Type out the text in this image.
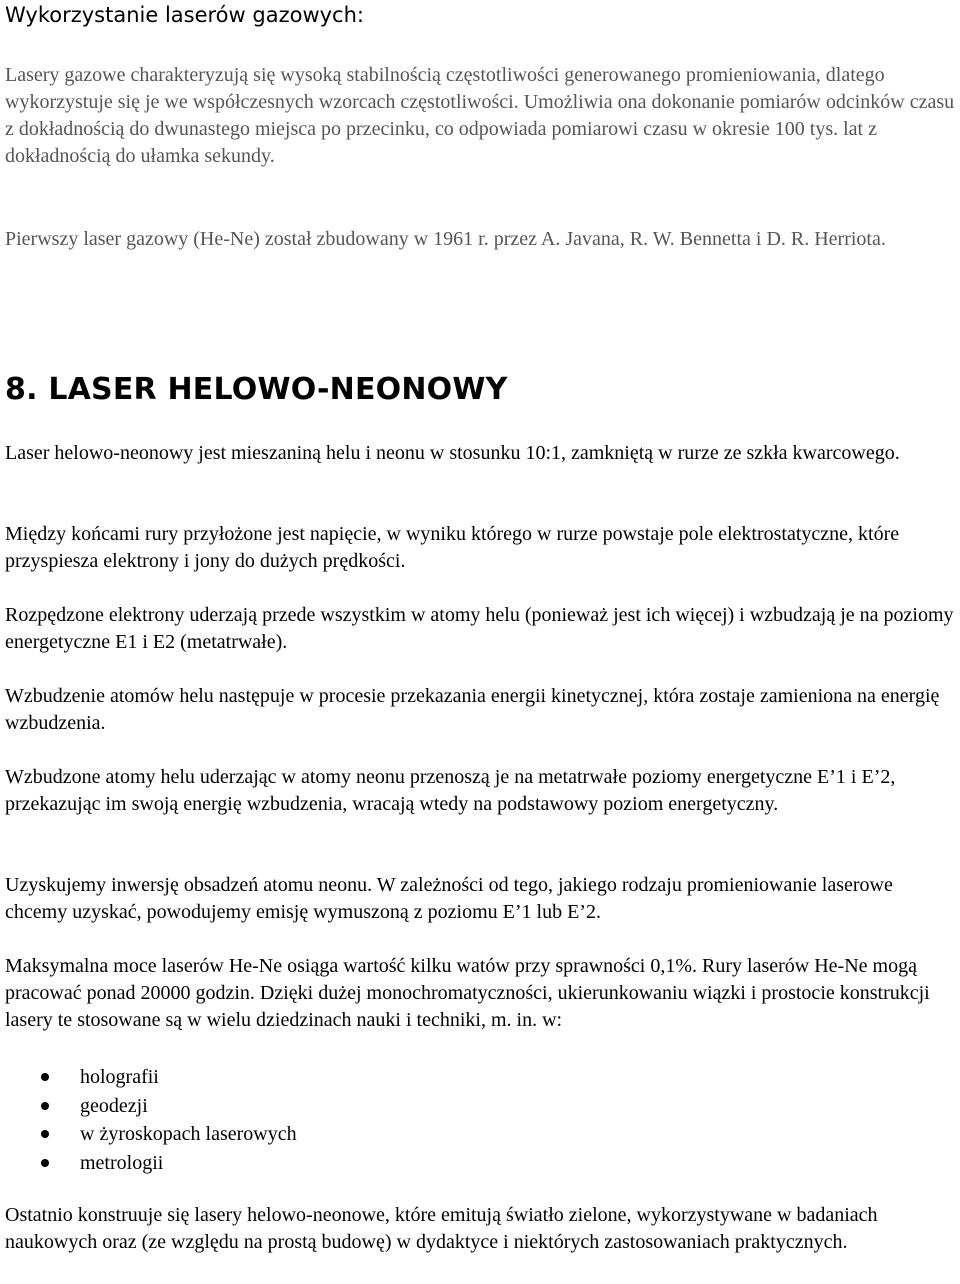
Wykorzystanie laserów gazowych:

Lasery gazowe charakteryzują się wysoką stabilnością częstotliwości generowanego promieniowania, dlatego wykorzystuje się je we współczesnych wzorcach częstotliwości. Umożliwia ona dokonanie pomiarów odcinków czasu z dokładnością do dwunastego miejsca po przecinku, co odpowiada pomiarowi czasu w okresie 100 tys. lat z dokładnością do ułamka sekundy.

Pierwszy laser gazowy (He-Ne) został zbudowany w 1961 r. przez A. Javana, R. W. Bennetta i D. R. Herriota.

8. LASER HELOWO-NEONOWY

Laser helowo-neonowy jest mieszaniną helu i neonu w stosunku 10:1, zamkniętą w rurze ze szkła kwarcowego.

Między końcami rury przyłożone jest napięcie, w wyniku którego w rurze powstaje pole elektrostatyczne, które przyspiesza elektrony i jony do dużych prędkości.

Rozpędzone elektrony uderzają przede wszystkim w atomy helu (ponieważ jest ich więcej) i wzbudzają je na poziomy energetyczne E1 i E2 (metatrwałe).

Wzbudzenie atomów helu następuje w procesie przekazania energii kinetycznej, która zostaje zamieniona na energię wzbudzenia.

Wzbudzone atomy helu uderzając w atomy neonu przenoszą je na metatrwałe poziomy energetyczne E’1 i E’2, przekazując im swoją energię wzbudzenia, wracają wtedy na podstawowy poziom energetyczny.

Uzyskujemy inwersję obsadzeń atomu neonu. W zależności od tego, jakiego rodzaju promieniowanie laserowe chcemy uzyskać, powodujemy emisję wymuszoną z poziomu E’1 lub E’2.

Maksymalna moce laserów He-Ne osiąga wartość kilku watów przy sprawności 0,1%. Rury laserów He-Ne mogą pracować ponad 20000 godzin. Dzięki dużej monochromatyczności, ukierunkowaniu wiązki i prostocie konstrukcji lasery te stosowane są w wielu dziedzinach nauki i techniki, m. in. w:

holografii
geodezji
w żyroskopach laserowych
metrologii

Ostatnio konstruuje się lasery helowo-neonowe, które emitują światło zielone, wykorzystywane w badaniach naukowych oraz (ze względu na prostą budowę) w dydaktyce i niektórych zastosowaniach praktycznych.
